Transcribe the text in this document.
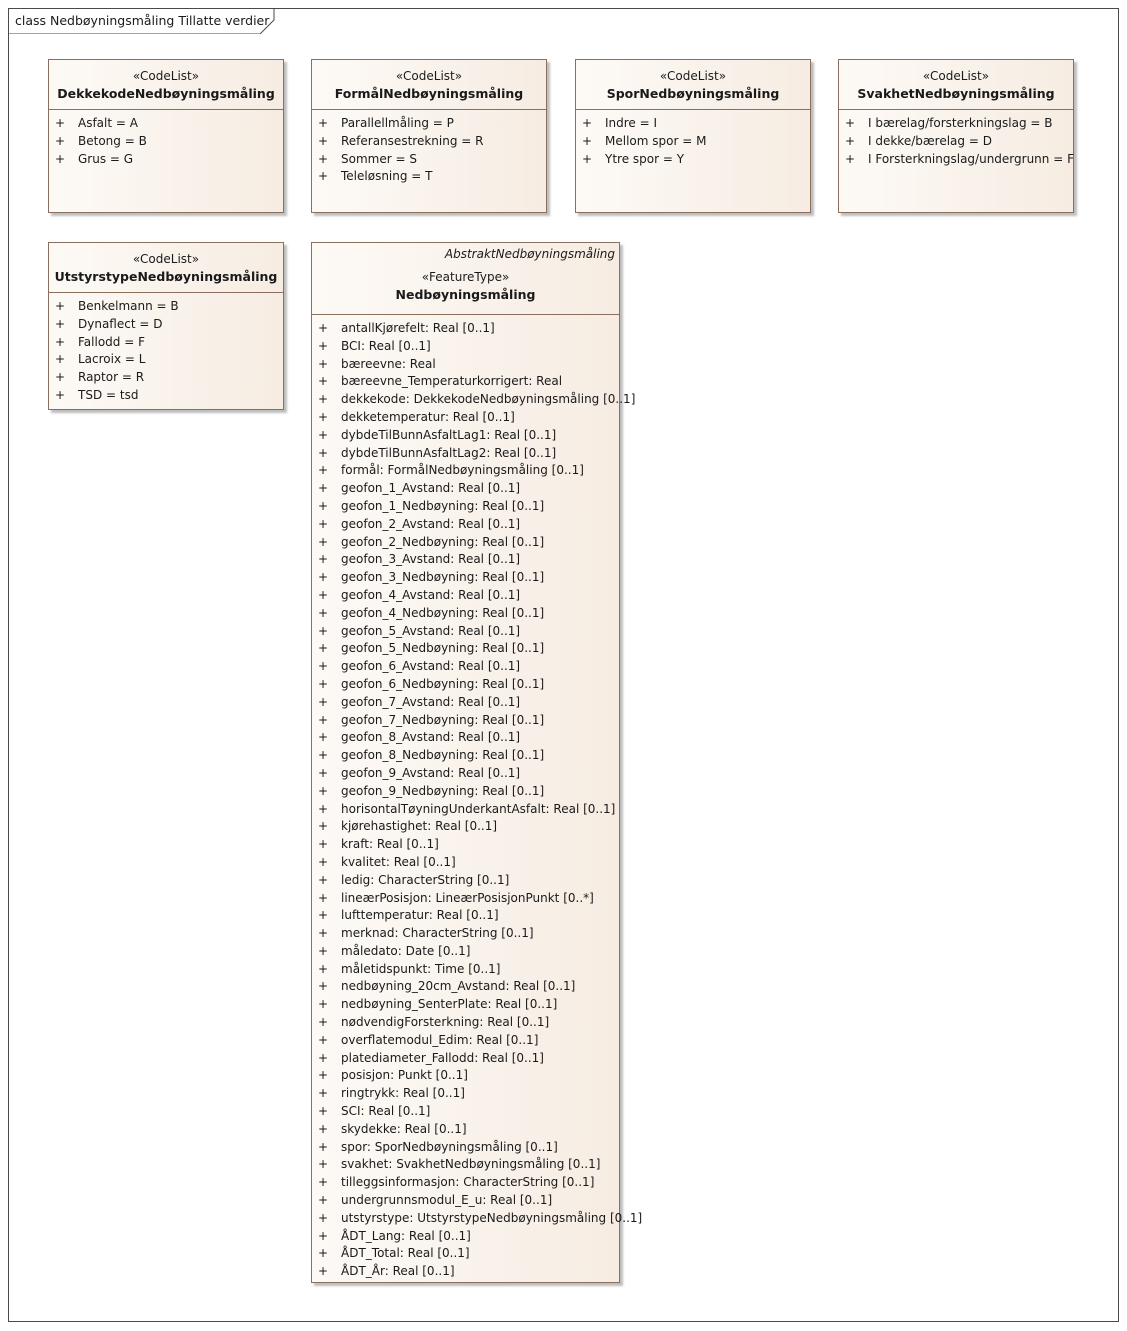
class Nedbøyningsmåling Tillatte verdier
«CodeList»
DekkekodeNedbøyningsmåling
+ Asfalt = A
+ Betong = B
+ Grus = G
«CodeList»
FormålNedbøyningsmåling
+ Parallellmåling = P
+ Referansestrekning = R
+ Sommer = S
+ Teleløsning = T
«CodeList»
SporNedbøyningsmåling
+ Indre = I
+ Mellom spor = M
+ Ytre spor = Y
«CodeList»
SvakhetNedbøyningsmåling
+ I bærelag/forsterkningslag = B
+ I dekke/bærelag = D
+ I Forsterkningslag/undergrunn = F
«CodeList»
UtstyrstypeNedbøyningsmåling
+ Benkelmann = B
+ Dynaflect = D
+ Fallodd = F
+ Lacroix = L
+ Raptor = R
+ TSD = tsd
AbstraktNedbøyningsmåling
«FeatureType»
Nedbøyningsmåling
+ antallKjørefelt: Real [0..1]
+ BCI: Real [0..1]
+ bæreevne: Real
+ bæreevne_Temperaturkorrigert: Real
+ dekkekode: DekkekodeNedbøyningsmåling [0..1]
+ dekketemperatur: Real [0..1]
+ dybdeTilBunnAsfaltLag1: Real [0..1]
+ dybdeTilBunnAsfaltLag2: Real [0..1]
+ formål: FormålNedbøyningsmåling [0..1]
+ geofon_1_Avstand: Real [0..1]
+ geofon_1_Nedbøyning: Real [0..1]
+ geofon_2_Avstand: Real [0..1]
+ geofon_2_Nedbøyning: Real [0..1]
+ geofon_3_Avstand: Real [0..1]
+ geofon_3_Nedbøyning: Real [0..1]
+ geofon_4_Avstand: Real [0..1]
+ geofon_4_Nedbøyning: Real [0..1]
+ geofon_5_Avstand: Real [0..1]
+ geofon_5_Nedbøyning: Real [0..1]
+ geofon_6_Avstand: Real [0..1]
+ geofon_6_Nedbøyning: Real [0..1]
+ geofon_7_Avstand: Real [0..1]
+ geofon_7_Nedbøyning: Real [0..1]
+ geofon_8_Avstand: Real [0..1]
+ geofon_8_Nedbøyning: Real [0..1]
+ geofon_9_Avstand: Real [0..1]
+ geofon_9_Nedbøyning: Real [0..1]
+ horisontalTøyningUnderkantAsfalt: Real [0..1]
+ kjørehastighet: Real [0..1]
+ kraft: Real [0..1]
+ kvalitet: Real [0..1]
+ ledig: CharacterString [0..1]
+ lineærPosisjon: LineærPosisjonPunkt [0..*]
+ lufttemperatur: Real [0..1]
+ merknad: CharacterString [0..1]
+ måledato: Date [0..1]
+ måletidspunkt: Time [0..1]
+ nedbøyning_20cm_Avstand: Real [0..1]
+ nedbøyning_SenterPlate: Real [0..1]
+ nødvendigForsterkning: Real [0..1]
+ overflatemodul_Edim: Real [0..1]
+ platediameter_Fallodd: Real [0..1]
+ posisjon: Punkt [0..1]
+ ringtrykk: Real [0..1]
+ SCI: Real [0..1]
+ skydekke: Real [0..1]
+ spor: SporNedbøyningsmåling [0..1]
+ svakhet: SvakhetNedbøyningsmåling [0..1]
+ tilleggsinformasjon: CharacterString [0..1]
+ undergrunnsmodul_E_u: Real [0..1]
+ utstyrstype: UtstyrstypeNedbøyningsmåling [0..1]
+ ÅDT_Lang: Real [0..1]
+ ÅDT_Total: Real [0..1]
+ ÅDT_År: Real [0..1]
